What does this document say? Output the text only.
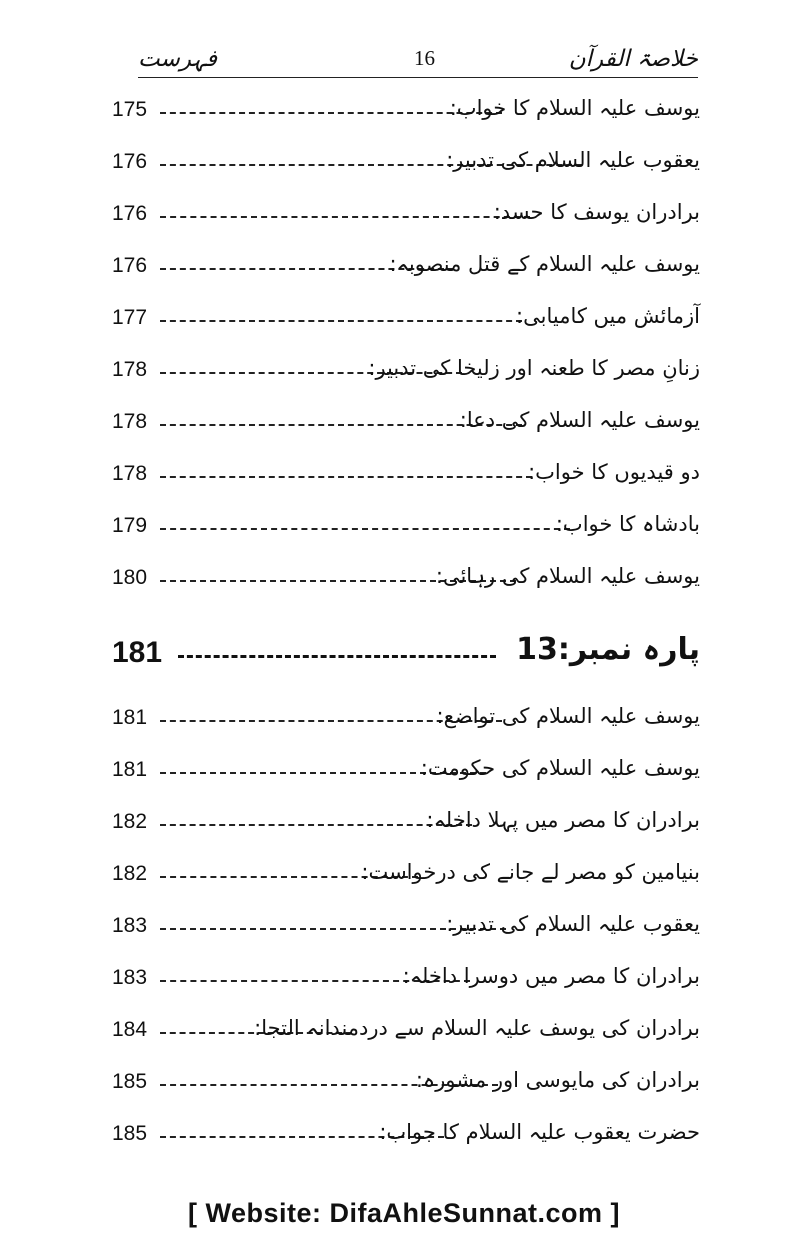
فہرست	16	خلاصۃ القرآن
175	یوسف علیہ السلام کا خواب:
176	یعقوب علیہ السلام کی تدبیر:
176	برادران یوسف کا حسد:
176	یوسف علیہ السلام کے قتل منصوبہ:
177	آزمائش میں کامیابی:
178	زنانِ مصر کا طعنہ اور زلیخا کی تدبیر:
178	یوسف علیہ السلام کی دعا:
178	دو قیدیوں کا خواب:
179	بادشاہ کا خواب:
180	یوسف علیہ السلام کی رہائی:
181	پارہ نمبر:13
181	یوسف علیہ السلام کی تواضع:
181	یوسف علیہ السلام کی حکومت:
182	برادران کا مصر میں پہلا داخلہ:
182	بنیامین کو مصر لے جانے کی درخواست:
183	یعقوب علیہ السلام کی تدبیر:
183	برادران کا مصر میں دوسرا داخلہ:
184	برادران کی یوسف علیہ السلام سے دردمندانہ التجا:
185	برادران کی مایوسی اور مشورہ:
185	حضرت یعقوب علیہ السلام کا جواب:
[ Website: DifaAhleSunnat.com ]
